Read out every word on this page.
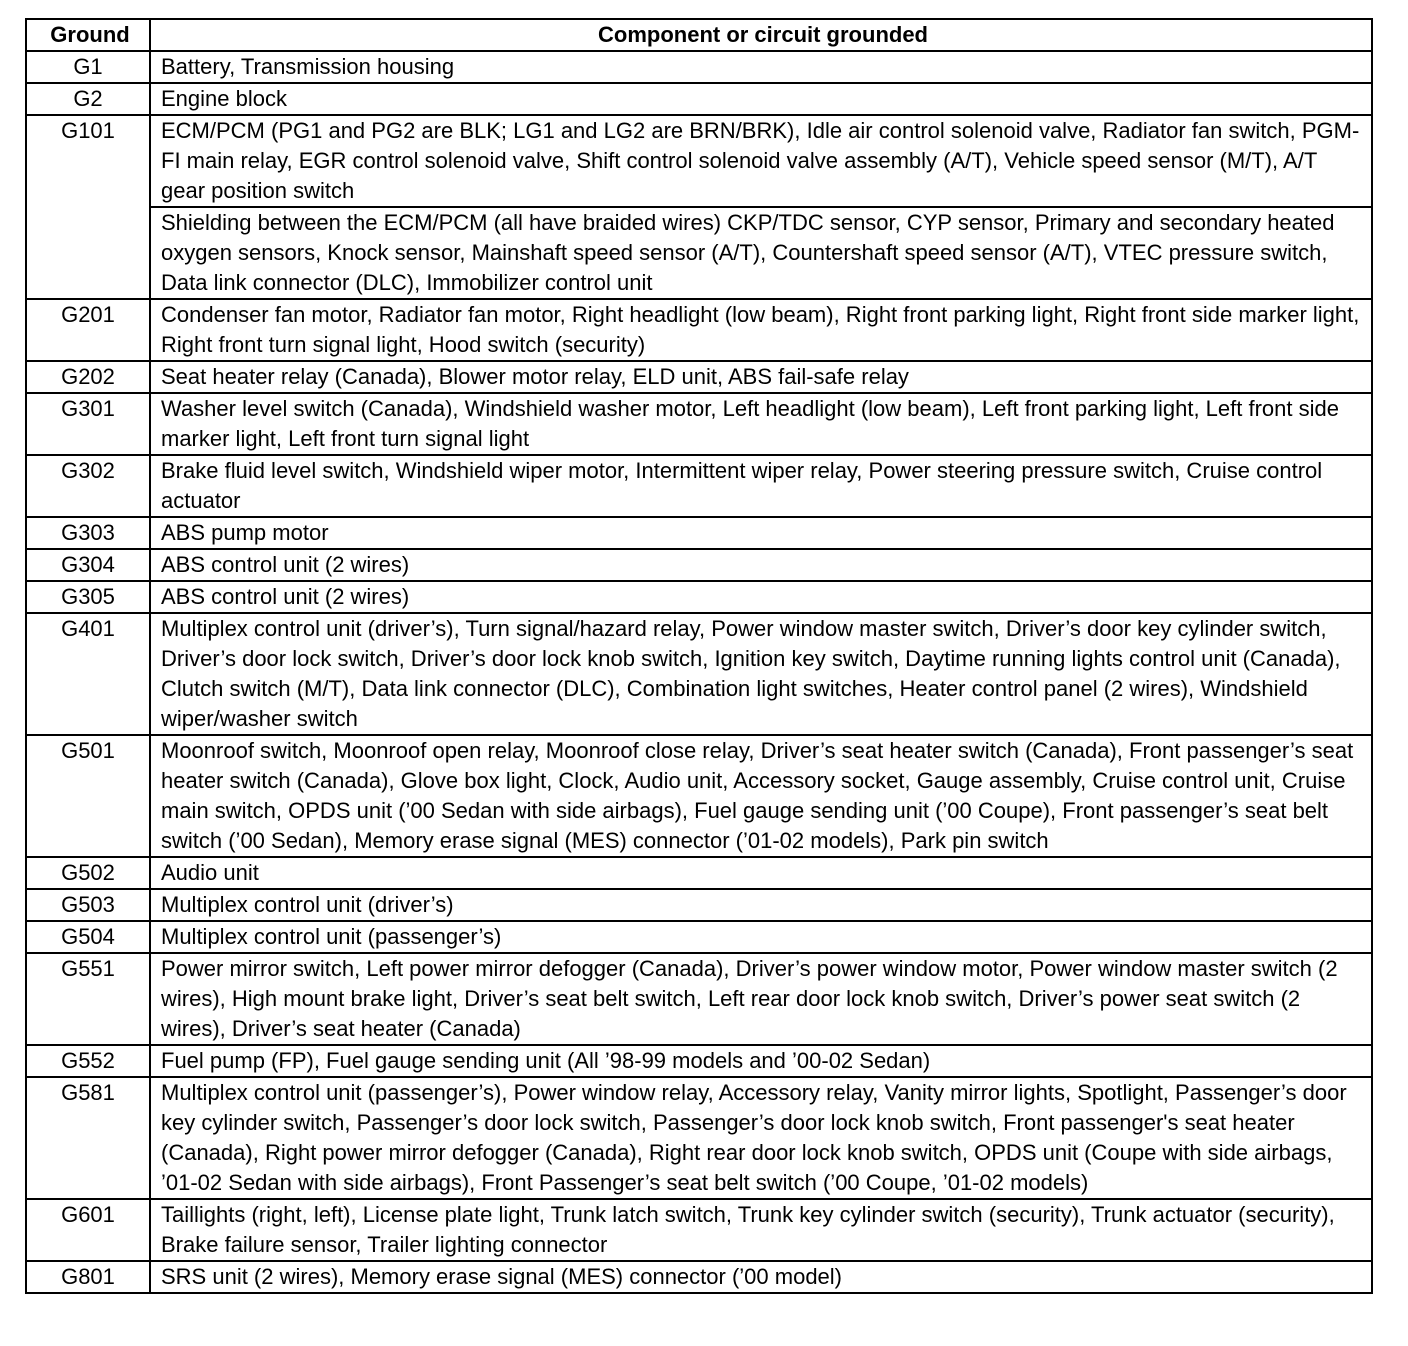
Ground	Component or circuit grounded
G1	Battery, Transmission housing
G2	Engine block
G101	ECM/PCM (PG1 and PG2 are BLK; LG1 and LG2 are BRN/BRK), Idle air control solenoid valve, Radiator fan switch, PGM-FI main relay, EGR control solenoid valve, Shift control solenoid valve assembly (A/T), Vehicle speed sensor (M/T), A/T gear position switch
	Shielding between the ECM/PCM (all have braided wires) CKP/TDC sensor, CYP sensor, Primary and secondary heated oxygen sensors, Knock sensor, Mainshaft speed sensor (A/T), Countershaft speed sensor (A/T), VTEC pressure switch, Data link connector (DLC), Immobilizer control unit
G201	Condenser fan motor, Radiator fan motor, Right headlight (low beam), Right front parking light, Right front side marker light, Right front turn signal light, Hood switch (security)
G202	Seat heater relay (Canada), Blower motor relay, ELD unit, ABS fail-safe relay
G301	Washer level switch (Canada), Windshield washer motor, Left headlight (low beam), Left front parking light, Left front side marker light, Left front turn signal light
G302	Brake fluid level switch, Windshield wiper motor, Intermittent wiper relay, Power steering pressure switch, Cruise control actuator
G303	ABS pump motor
G304	ABS control unit (2 wires)
G305	ABS control unit (2 wires)
G401	Multiplex control unit (driver’s), Turn signal/hazard relay, Power window master switch, Driver’s door key cylinder switch, Driver’s door lock switch, Driver’s door lock knob switch, Ignition key switch, Daytime running lights control unit (Canada), Clutch switch (M/T), Data link connector (DLC), Combination light switches, Heater control panel (2 wires), Windshield wiper/washer switch
G501	Moonroof switch, Moonroof open relay, Moonroof close relay, Driver’s seat heater switch (Canada), Front passenger’s seat heater switch (Canada), Glove box light, Clock, Audio unit, Accessory socket, Gauge assembly, Cruise control unit, Cruise main switch, OPDS unit (’00 Sedan with side airbags), Fuel gauge sending unit (’00 Coupe), Front passenger’s seat belt switch (’00 Sedan), Memory erase signal (MES) connector (’01-02 models), Park pin switch
G502	Audio unit
G503	Multiplex control unit (driver’s)
G504	Multiplex control unit (passenger’s)
G551	Power mirror switch, Left power mirror defogger (Canada), Driver’s power window motor, Power window master switch (2 wires), High mount brake light, Driver’s seat belt switch, Left rear door lock knob switch, Driver’s power seat switch (2 wires), Driver’s seat heater (Canada)
G552	Fuel pump (FP), Fuel gauge sending unit (All ’98-99 models and ’00-02 Sedan)
G581	Multiplex control unit (passenger’s), Power window relay, Accessory relay, Vanity mirror lights, Spotlight, Passenger’s door key cylinder switch, Passenger’s door lock switch, Passenger’s door lock knob switch, Front passenger's seat heater (Canada), Right power mirror defogger (Canada), Right rear door lock knob switch, OPDS unit (Coupe with side airbags, ’01-02 Sedan with side airbags), Front Passenger’s seat belt switch (’00 Coupe, ’01-02 models)
G601	Taillights (right, left), License plate light, Trunk latch switch, Trunk key cylinder switch (security), Trunk actuator (security), Brake failure sensor, Trailer lighting connector
G801	SRS unit (2 wires), Memory erase signal (MES) connector (’00 model)
